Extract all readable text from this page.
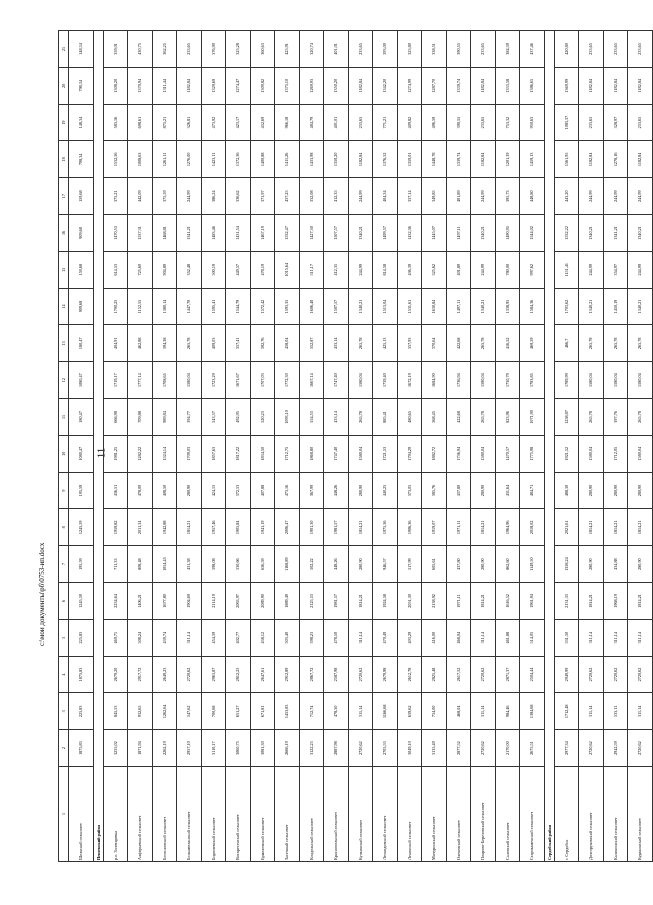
11
1	2	3	4	5	6	7	8	9	10	11	12	13	14	15	16	17	18	19	20	21
Шелкский сельсовет	1875,83	225,83	1875,83	225,83	1245,59	195,59	1245,59	195,59	1080,47	180,47	1080,47	180,47	909,68	159,68	909,68	159,68	798,34	148,34	798,34	148,34
Пензенский район																				
р.п. Золотаревка	3255,02	845,53	2679,20	469,71	2234,64	711,33	1959,82	436,51	1981,25	666,98	1719,17	404,91	1700,25	614,53	1470,53	375,21	1532,56	583,16	1308,20	359,01
Алферьевский сельсовет	1871,94	932,65	2917,72	508,24	1406,21	808,48	2011,34	478,00	1282,22	709,88	1777,14	462,88	1152,55	725,60	1537,31	442,09	1008,63	698,61	1370,94	430,75
Богословский сельсовет	2262,19	1262,64	2649,23	439,74	1677,80	1054,45	1942,88	408,50	1524,14	989,84	1708,65	394,38	1380,14	904,89	1468,81	375,59	1261,11	875,21	1311,44	362,25
Большееланский сельсовет	2957,10	547,62	2720,62	311,14	1904,69	431,38	1814,21	280,90	1709,03	394,77	1580,04	265,78	1447,70	352,48	1341,21	244,99	1276,00	326,81	1182,84	233,65
Бирючевский сельсовет	3110,17	700,68	2963,87	454,39	2114,19	598,08	1957,46	424,15	1857,63	543,37	1723,29	409,03	1595,41	500,19	1483,46	386,24	1423,11	473,92	1329,69	376,90
Воскресенский сельсовет	3060,75	651,27	2812,25	402,77	2063,97	530,66	1905,84	372,53	1817,22	492,95	1671,67	357,41	1544,79	449,57	1431,54	336,62	1372,36	423,17	1274,47	325,28
Ермоловский сельсовет	3081,30	671,81	2647,61	438,12	2089,90	656,59	1941,19	407,88	1834,50	520,23	1707,03	392,76	1572,42	478,19	1467,19	371,97	1400,88	452,69	1309,82	360,63
Засечный сельсовет	2666,19	1453,83	2912,89	503,40	1889,49	1168,89	2006,47	473,16	1712,75	1093,10	1772,30	458,04	1593,35	1015,64	1532,47	437,25	1411,26	966,18	1375,10	425,91
Кондольский сельсовет	3122,23	712,74	2867,72	398,23	2125,53	502,22	1901,30	367,99	1868,80	554,53	1667,14	352,87	1606,40	511,17	1427,30	332,08	1433,98	484,79	1269,93	320,74
Краснопольский сельсовет	2887,98	478,50	2587,98	478,50	1981,57	448,26	1981,57	448,26	1747,40	433,14	1747,40	433,14	1507,57	412,35	1507,57	412,35	1350,20	401,01	1350,20	401,01
Кучкинский сельсовет	2720,62	311,14	2720,62	311,14	1814,21	280,90	1814,21	280,90	1580,04	265,78	1580,04	265,78	1340,21	244,99	1340,21	244,99	1182,84	233,65	1182,84	233,65
Леонидовский сельсовет	2705,53	1166,68	2679,98	470,49	1924,58	946,57	1975,56	440,25	1721,53	885,41	1739,40	425,13	1513,04	814,58	1499,57	404,34	1376,52	771,21	1342,20	393,00
Ленинский сельсовет	3049,10	639,62	2612,78	403,29	2051,30	517,99	1906,36	373,05	1794,29	480,65	1672,19	357,93	1531,61	436,39	1432,36	337,14	1359,01	409,82	1274,99	325,80
Мичуринский сельсовет	3135,49	734,00	2825,48	416,00	2138,92	605,61	1919,07	385,76	1882,72	568,45	1684,90	370,64	1630,84	525,62	1445,07	349,85	1448,78	496,59	1287,70	338,51
Оленевский сельсовет	2877,52	468,04	2617,52	468,04	1971,11	437,80	1971,11	437,80	1736,94	422,68	1736,94	422,68	1497,11	401,89	1497,11	401,89	1339,74	390,55	1339,74	390,55
Покрово-Березовский сельсовет	2720,62	311,14	2720,62	311,14	1814,21	280,90	1814,21	280,90	1580,04	265,78	1580,04	265,78	1340,21	244,99	1340,21	244,99	1182,84	233,65	1182,84	233,65
Саловский сельсовет	2170,00	984,46	2871,37	461,88	1616,52	862,60	1964,96	431,64	1470,57	823,96	1730,79	416,52	1338,95	780,00	1490,95	395,73	1201,39	753,32	1333,58	384,39
Старокаменский сельсовет	2675,51	1384,68	2504,44	514,05	1961,94	1149,50	2018,02	484,71	1775,98	1071,90	1783,85	469,59	1584,36	997,62	1544,02	448,80	1459,13	950,63	1386,65	437,46
Сердобский район																				
г. Сердобск	2977,34	1712,48	2949,99	531,50	2131,33	1358,24	2021,61	488,30	1921,52	1258,87	1789,99	466,7	1703,62	1151,41	1532,22	443,20	1561,95	1083,37	1369,99	420,80
Долгоруковский сельсовет	2720,62	311,14	2720,62	311,14	1814,21	280,90	1814,21	280,90	1580,04	265,78	1580,04	265,78	1340,21	244,99	1340,21	244,99	1182,84	233,65	1182,84	233,65
Калининский сельсовет	2942,59	533,11	2720,62	311,14	1968,19	434,88	1814,21	280,90	1712,05	397,76	1580,04	265,78	1450,19	354,97	1341,21	244,99	1278,16	328,97	1182,84	233,65
Куракинский сельсовет	2720,62	311,14	2720,62	311,14	1814,21	280,90	1814,21	280,90	1580,04	265,78	1580,04	265,78	1340,21	244,99	1340,21	244,99	1182,84	233,65	1182,84	233,65
c:\мои документы\рб\0753-ип.docx
